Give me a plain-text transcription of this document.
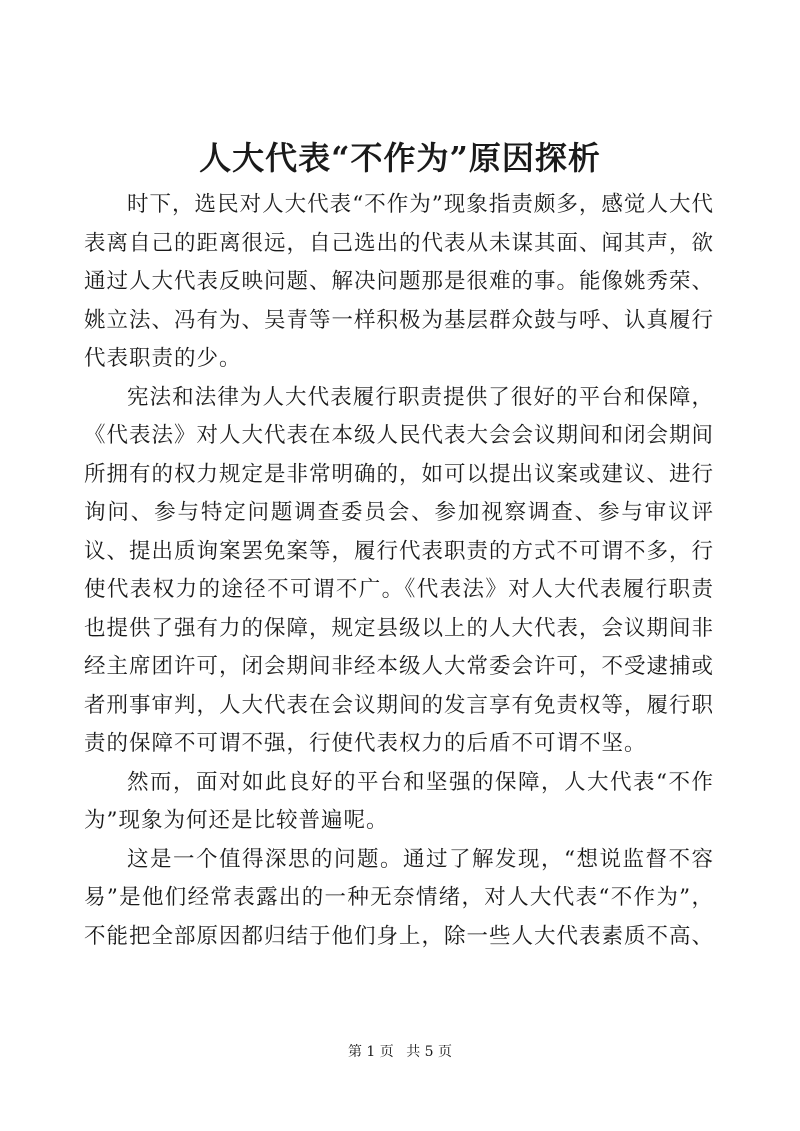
人大代表“不作为”原因探析

时下，选民对人大代表“不作为”现象指责颇多，感觉人大代表离自己的距离很远，自己选出的代表从未谋其面、闻其声，欲通过人大代表反映问题、解决问题那是很难的事。能像姚秀荣、姚立法、冯有为、吴青等一样积极为基层群众鼓与呼、认真履行代表职责的少。

宪法和法律为人大代表履行职责提供了很好的平台和保障，《代表法》对人大代表在本级人民代表大会会议期间和闭会期间所拥有的权力规定是非常明确的，如可以提出议案或建议、进行询问、参与特定问题调查委员会、参加视察调查、参与审议评议、提出质询案罢免案等，履行代表职责的方式不可谓不多，行使代表权力的途径不可谓不广。《代表法》对人大代表履行职责也提供了强有力的保障，规定县级以上的人大代表，会议期间非经主席团许可，闭会期间非经本级人大常委会许可，不受逮捕或者刑事审判，人大代表在会议期间的发言享有免责权等，履行职责的保障不可谓不强，行使代表权力的后盾不可谓不坚。

然而，面对如此良好的平台和坚强的保障，人大代表“不作为”现象为何还是比较普遍呢。

这是一个值得深思的问题。通过了解发现，“想说监督不容易”是他们经常表露出的一种无奈情绪，对人大代表“不作为”，不能把全部原因都归结于他们身上，除一些人大代表素质不高、

第 1 页 共 5 页
